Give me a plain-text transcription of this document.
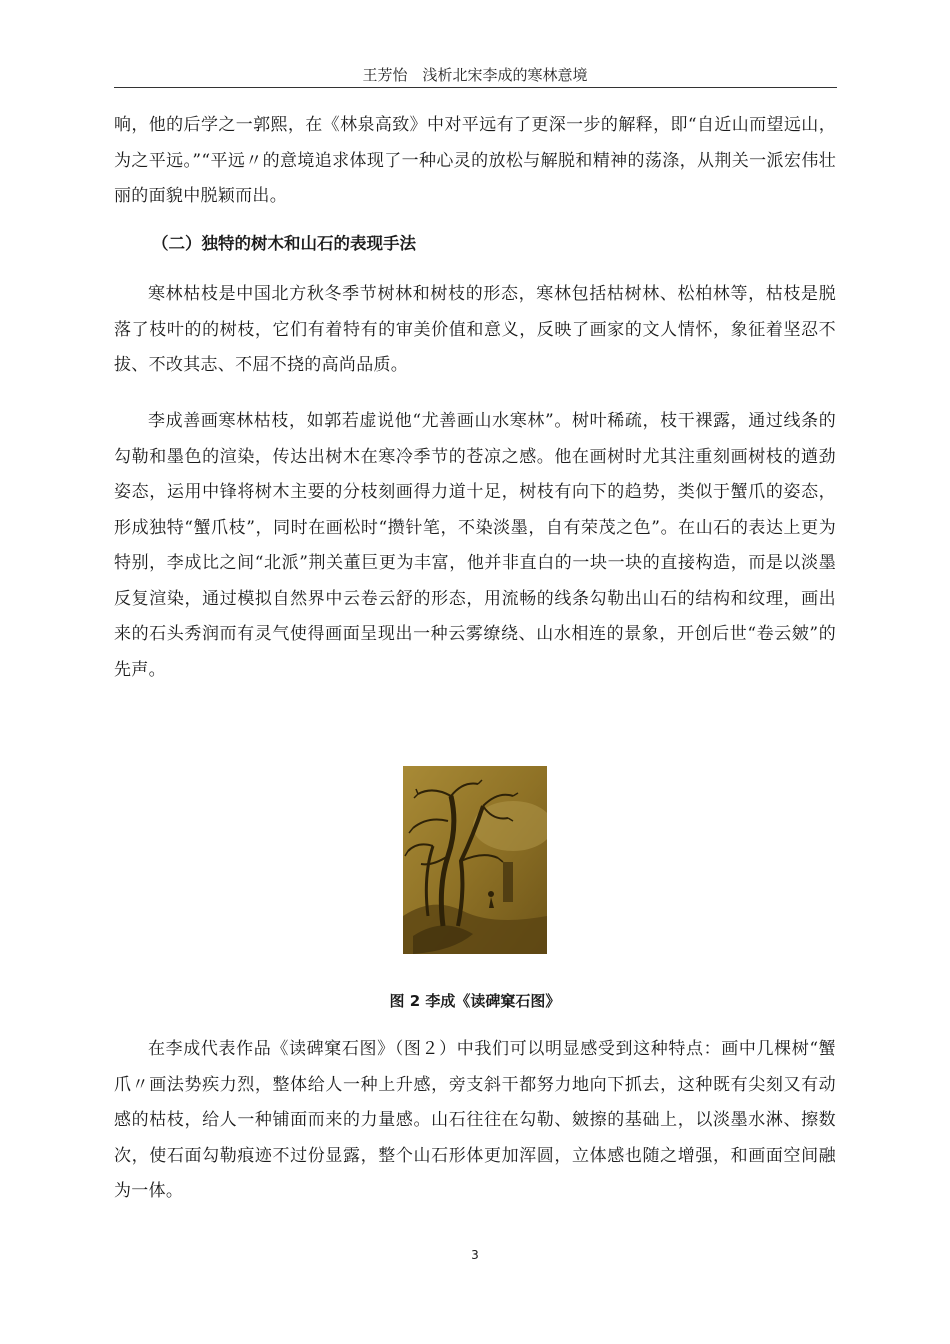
王芳怡　浅析北宋李成的寒林意境

响，他的后学之一郭熙，在《林泉高致》中对平远有了更深一步的解释，即“自近山而望远山，为之平远。”“平远〃的意境追求体现了一种心灵的放松与解脱和精神的荡涤，从荆关一派宏伟壮丽的面貌中脱颖而出。

（二）独特的树木和山石的表现手法

寒林枯枝是中国北方秋冬季节树林和树枝的形态，寒林包括枯树林、松柏林等，枯枝是脱落了枝叶的的树枝，它们有着特有的审美价值和意义，反映了画家的文人情怀，象征着坚忍不拔、不改其志、不屈不挠的高尚品质。

李成善画寒林枯枝，如郭若虚说他“尤善画山水寒林”。树叶稀疏，枝干裸露，通过线条的勾勒和墨色的渲染，传达出树木在寒冷季节的苍凉之感。他在画树时尤其注重刻画树枝的遒劲姿态，运用中锋将树木主要的分枝刻画得力道十足，树枝有向下的趋势，类似于蟹爪的姿态，形成独特“蟹爪枝”，同时在画松时“攒针笔，不染淡墨，自有荣茂之色”。在山石的表达上更为特别，李成比之间“北派”荆关董巨更为丰富，他并非直白的一块一块的直接构造，而是以淡墨反复渲染，通过模拟自然界中云卷云舒的形态，用流畅的线条勾勒出山石的结构和纹理，画出来的石头秀润而有灵气使得画面呈现出一种云雾缭绕、山水相连的景象，开创后世“卷云皴”的先声。

图 2 李成《读碑窠石图》

在李成代表作品《读碑窠石图》（图２）中我们可以明显感受到这种特点：画中几棵树“蟹爪〃画法势疾力烈，整体给人一种上升感，旁支斜干都努力地向下抓去，这种既有尖刻又有动感的枯枝，给人一种铺面而来的力量感。山石往往在勾勒、皴擦的基础上，以淡墨水淋、擦数次，使石面勾勒痕迹不过份显露，整个山石形体更加浑圆，立体感也随之增强，和画面空间融为一体。

3
